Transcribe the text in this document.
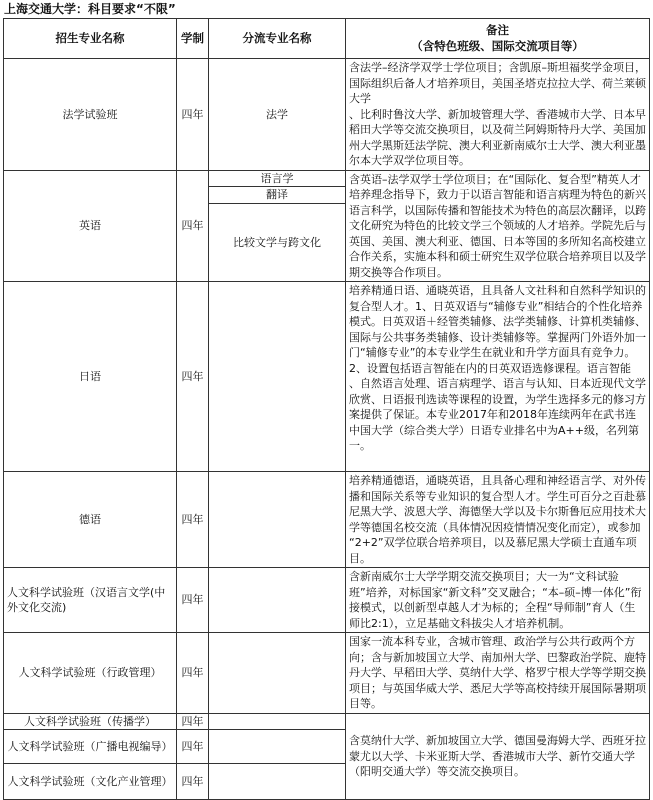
上海交通大学：科目要求“不限”
招生专业名称	学制	分流专业名称	备注
（含特色班级、国际交流项目等）

法学试验班	四年	法学	含法学–经济学双学士学位项目；含凯原–斯坦福奖学金项目，国际组织后备人才培养项目，美国圣塔克拉拉大学、荷兰莱顿大学
、比利时鲁汶大学、新加坡管理大学、香港城市大学、日本早稻田大学等交流交换项目，以及荷兰阿姆斯特丹大学、美国加州大学黑斯廷法学院、澳大利亚新南威尔士大学、澳大利亚墨尔本大学双学位项目等。
英语	四年	语言学	含英语–法学双学士学位项目；在“国际化、复合型”精英人才培养理念指导下，致力于以语言智能和语言病理为特色的新兴语言科学，以国际传播和智能技术为特色的高层次翻译，以跨文化研究为特色的比较文学三个领域的人才培养。学院先后与英国、美国、澳大利亚、德国、日本等国的多所知名高校建立合作关系，实施本科和硕士研究生双学位联合培养项目以及学期交换等合作项目。
		翻译	
		比较文学与跨文化	
日语	四年		培养精通日语、通晓英语，且具备人文社科和自然科学知识的复合型人才。1、日英双语与“辅修专业”相结合的个性化培养模式。日英双语＋经管类辅修、法学类辅修、计算机类辅修、国际与公共事务类辅修、设计类辅修等。掌握两门外语外加一门“辅修专业”的本专业学生在就业和升学方面具有竞争力。2、设置包括语言智能在内的日英双语选修课程。语言智能
、自然语言处理、语言病理学、语言与认知、日本近现代文学欣赏、日语报刊选读等课程的设置，为学生选择多元的修习方案提供了保证。本专业2017年和2018年连续两年在武书连中国大学（综合类大学）日语专业排名中为A++级，名列第一。
德语	四年		培养精通德语，通晓英语，且具备心理和神经语言学、对外传播和国际关系等专业知识的复合型人才。学生可百分之百赴慕尼黑大学、波恩大学、海德堡大学以及卡尔斯鲁厄应用技术大学等德国名校交流（具体情况因疫情情况变化而定），或参加 “2+2”双学位联合培养项目，以及慕尼黑大学硕士直通车项目。
人文科学试验班（汉语言文学(中外文化交流)	四年		含新南威尔士大学学期交流交换项目；大一为“文科试验班”培养，对标国家“新文科”交叉融合；“本–硕–博一体化”衔接模式，以创新型卓越人才为标的；全程“导师制”育人（生师比2:1），立足基础文科拔尖人才培养机制。
人文科学试验班（行政管理）	四年		国家一流本科专业，含城市管理、政治学与公共行政两个方向；含与新加坡国立大学、南加州大学、巴黎政治学院、鹿特丹大学、早稻田大学、莫纳什大学、格罗宁根大学等学期交换项目；与英国华威大学、悉尼大学等高校持续开展国际暑期项目等。
人文科学试验班（传播学）	四年		含莫纳什大学、新加坡国立大学、德国曼海姆大学、西班牙拉蒙尤以大学、卡米亚斯大学、香港城市大学、新竹交通大学
（阳明交通大学）等交流交换项目。
人文科学试验班（广播电视编导）	四年		
人文科学试验班（文化产业管理）	四年		
